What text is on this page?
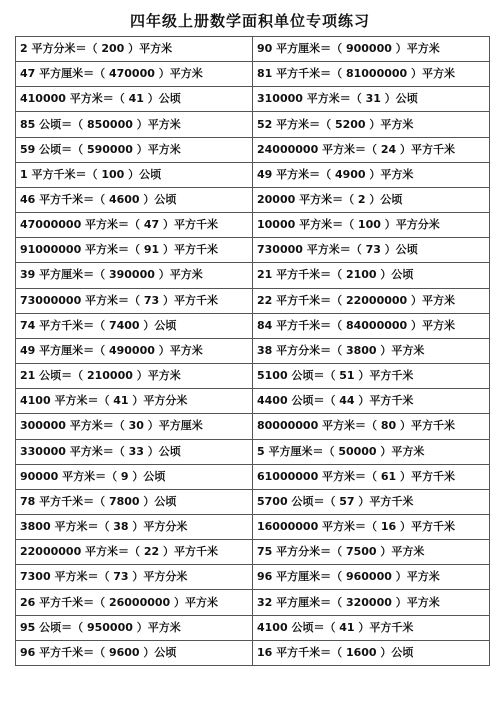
四年级上册数学面积单位专项练习
2 平方分米＝（ 200 ）平方米	90 平方厘米＝（ 900000 ）平方米
47 平方厘米＝（ 470000 ）平方米	81 平方千米＝（ 81000000 ）平方米
410000 平方米＝（ 41 ）公顷	310000 平方米＝（ 31 ）公顷
85 公顷＝（ 850000 ）平方米	52 平方米＝（ 5200 ）平方米
59 公顷＝（ 590000 ）平方米	24000000 平方米＝（ 24 ）平方千米
1 平方千米＝（ 100 ）公顷	49 平方米＝（ 4900 ）平方米
46 平方千米＝（ 4600 ）公顷	20000 平方米＝（ 2 ）公顷
47000000 平方米＝（ 47 ）平方千米	10000 平方米＝（ 100 ）平方分米
91000000 平方米＝（ 91 ）平方千米	730000 平方米＝（ 73 ）公顷
39 平方厘米＝（ 390000 ）平方米	21 平方千米＝（ 2100 ）公顷
73000000 平方米＝（ 73 ）平方千米	22 平方千米＝（ 22000000 ）平方米
74 平方千米＝（ 7400 ）公顷	84 平方千米＝（ 84000000 ）平方米
49 平方厘米＝（ 490000 ）平方米	38 平方分米＝（ 3800 ）平方米
21 公顷＝（ 210000 ）平方米	5100 公顷＝（ 51 ）平方千米
4100 平方米＝（ 41 ）平方分米	4400 公顷＝（ 44 ）平方千米
300000 平方米＝（ 30 ）平方厘米	80000000 平方米＝（ 80 ）平方千米
330000 平方米＝（ 33 ）公顷	5 平方厘米＝（ 50000 ）平方米
90000 平方米＝（ 9 ）公顷	61000000 平方米＝（ 61 ）平方千米
78 平方千米＝（ 7800 ）公顷	5700 公顷＝（ 57 ）平方千米
3800 平方米＝（ 38 ）平方分米	16000000 平方米＝（ 16 ）平方千米
22000000 平方米＝（ 22 ）平方千米	75 平方分米＝（ 7500 ）平方米
7300 平方米＝（ 73 ）平方分米	96 平方厘米＝（ 960000 ）平方米
26 平方千米＝（ 26000000 ）平方米	32 平方厘米＝（ 320000 ）平方米
95 公顷＝（ 950000 ）平方米	4100 公顷＝（ 41 ）平方千米
96 平方千米＝（ 9600 ）公顷	16 平方千米＝（ 1600 ）公顷
